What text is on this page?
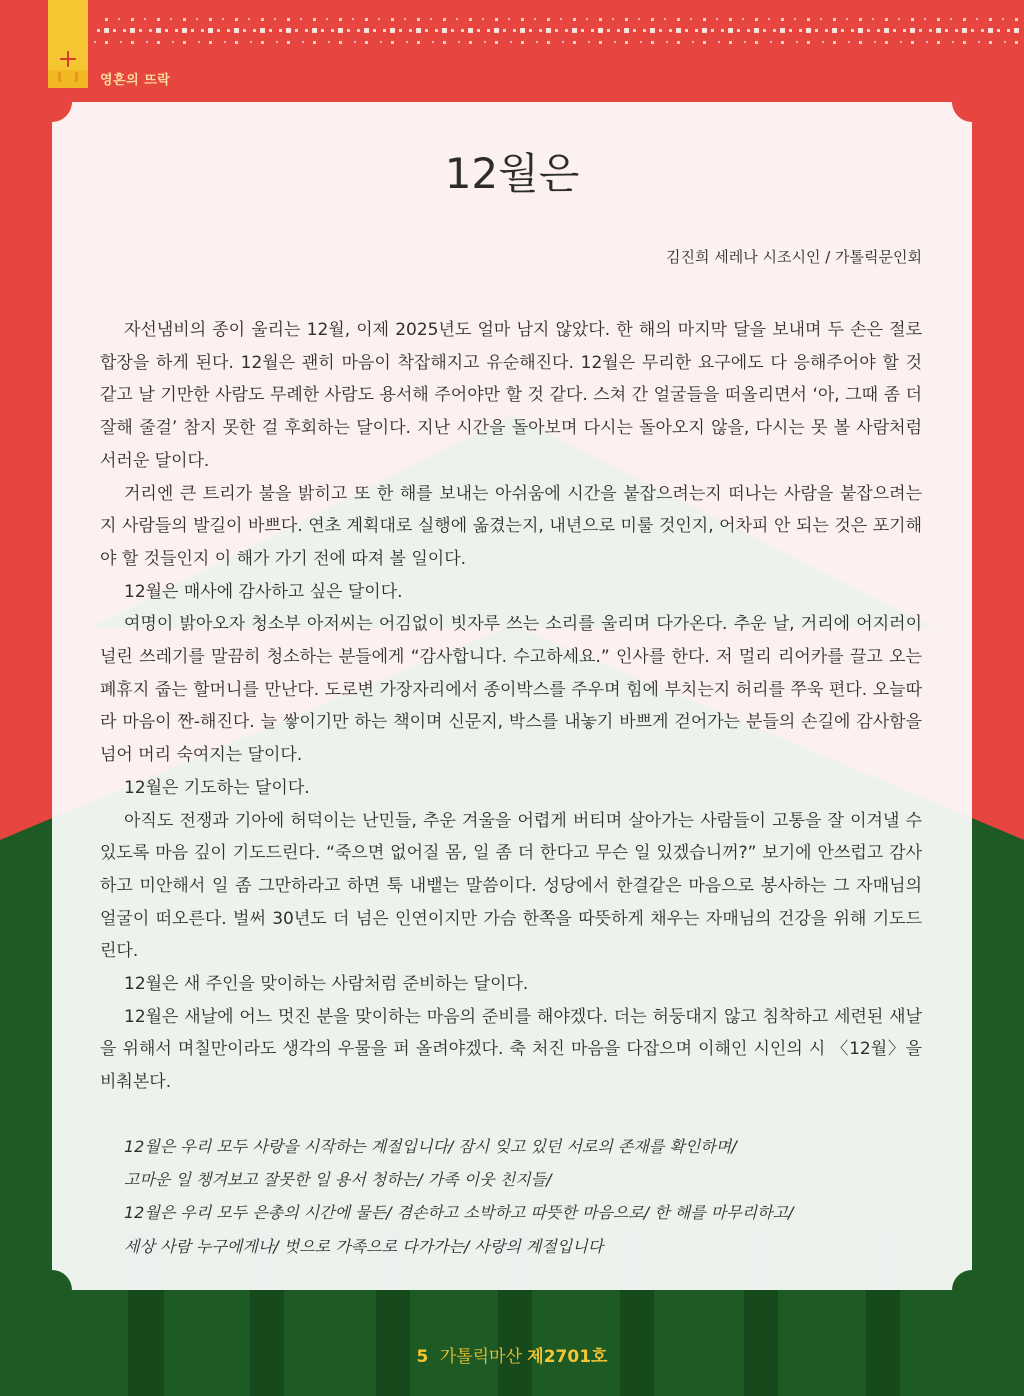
영혼의 뜨락
12월은
김진희 세레나 시조시인 / 가톨릭문인회

자선냄비의 종이 울리는 12월, 이제 2025년도 얼마 남지 않았다. 한 해의 마지막 달을 보내며 두 손은 절로 합장을 하게 된다. 12월은 괜히 마음이 착잡해지고 유순해진다. 12월은 무리한 요구에도 다 응해주어야 할 것 같고 날 기만한 사람도 무례한 사람도 용서해 주어야만 할 것 같다. 스쳐 간 얼굴들을 떠올리면서 ‘아, 그때 좀 더 잘해 줄걸’ 참지 못한 걸 후회하는 달이다. 지난 시간을 돌아보며 다시는 돌아오지 않을, 다시는 못 볼 사람처럼 서러운 달이다.

거리엔 큰 트리가 불을 밝히고 또 한 해를 보내는 아쉬움에 시간을 붙잡으려는지 떠나는 사람을 붙잡으려는지 사람들의 발길이 바쁘다. 연초 계획대로 실행에 옮겼는지, 내년으로 미룰 것인지, 어차피 안 되는 것은 포기해야 할 것들인지 이 해가 가기 전에 따져 볼 일이다.

12월은 매사에 감사하고 싶은 달이다.

여명이 밝아오자 청소부 아저씨는 어김없이 빗자루 쓰는 소리를 울리며 다가온다. 추운 날, 거리에 어지러이 널린 쓰레기를 말끔히 청소하는 분들에게 “감사합니다. 수고하세요.” 인사를 한다. 저 멀리 리어카를 끌고 오는 폐휴지 줍는 할머니를 만난다. 도로변 가장자리에서 종이박스를 주우며 힘에 부치는지 허리를 쭈욱 편다. 오늘따라 마음이 짠-해진다. 늘 쌓이기만 하는 책이며 신문지, 박스를 내놓기 바쁘게 걷어가는 분들의 손길에 감사함을 넘어 머리 숙여지는 달이다.

12월은 기도하는 달이다.

아직도 전쟁과 기아에 허덕이는 난민들, 추운 겨울을 어렵게 버티며 살아가는 사람들이 고통을 잘 이겨낼 수 있도록 마음 깊이 기도드린다. “죽으면 없어질 몸, 일 좀 더 한다고 무슨 일 있겠습니꺼?” 보기에 안쓰럽고 감사하고 미안해서 일 좀 그만하라고 하면 툭 내뱉는 말씀이다. 성당에서 한결같은 마음으로 봉사하는 그 자매님의 얼굴이 떠오른다. 벌써 30년도 더 넘은 인연이지만 가슴 한쪽을 따뜻하게 채우는 자매님의 건강을 위해 기도드린다.

12월은 새 주인을 맞이하는 사람처럼 준비하는 달이다.

12월은 새날에 어느 멋진 분을 맞이하는 마음의 준비를 해야겠다. 더는 허둥대지 않고 침착하고 세련된 새날을 위해서 며칠만이라도 생각의 우물을 퍼 올려야겠다. 축 처진 마음을 다잡으며 이해인 시인의 시 〈12월〉을 비춰본다.

12월은 우리 모두 사랑을 시작하는 계절입니다/ 잠시 잊고 있던 서로의 존재를 확인하며/
고마운 일 챙겨보고 잘못한 일 용서 청하는/ 가족 이웃 친지들/
12월은 우리 모두 은총의 시간에 물든/ 겸손하고 소박하고 따뜻한 마음으로/ 한 해를 마무리하고/
세상 사람 누구에게나/ 벗으로 가족으로 다가가는/ 사랑의 계절입니다
5 가톨릭마산 제2701호
